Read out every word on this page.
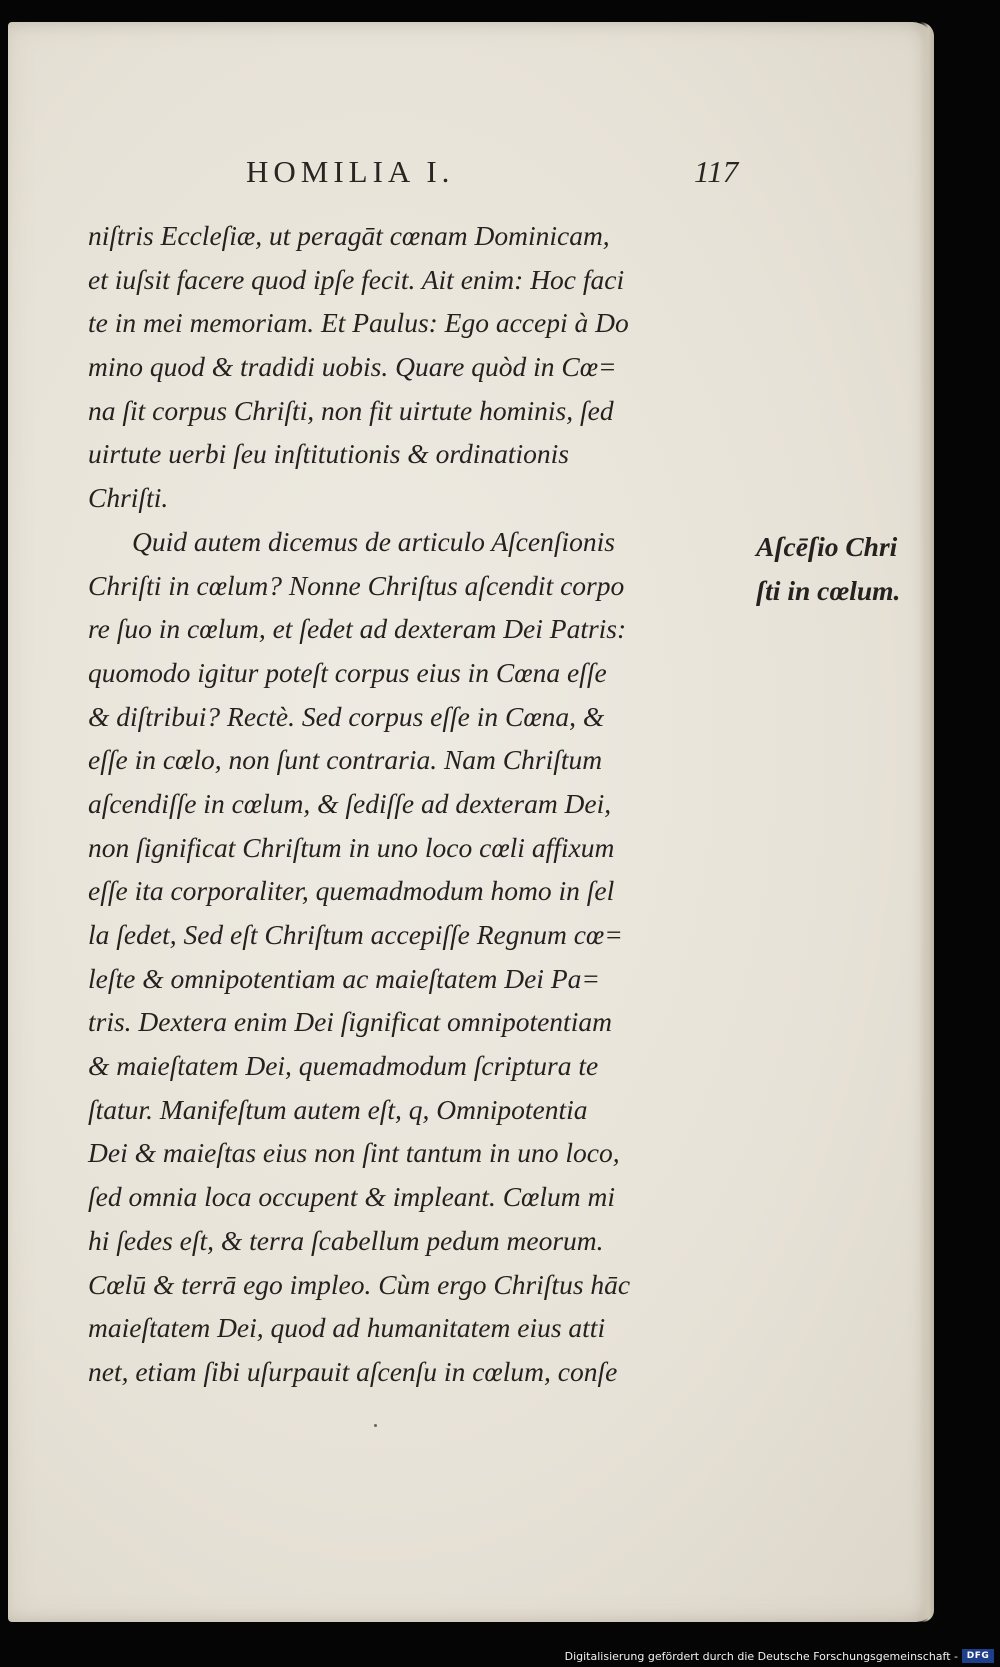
HOMILIA I.	117
niſtris Eccleſiæ, ut peragāt cœnam Dominicam,
et iuſsit facere quod ipſe fecit. Ait enim: Hoc faci
te in mei memoriam. Et Paulus: Ego accepi à Do
mino quod & tradidi uobis. Quare quòd in Cœ=
na ſit corpus Chriſti, non fit uirtute hominis, ſed
uirtute uerbi ſeu inſtitutionis & ordinationis
Chriſti.
Quid autem dicemus de articulo Aſcenſionis
Chriſti in cœlum? Nonne Chriſtus aſcendit corpo
re ſuo in cœlum, et ſedet ad dexteram Dei Patris:
quomodo igitur poteſt corpus eius in Cœna eſſe
& diſtribui? Rectè. Sed corpus eſſe in Cœna, &
eſſe in cœlo, non ſunt contraria. Nam Chriſtum
aſcendiſſe in cœlum, & ſediſſe ad dexteram Dei,
non ſignificat Chriſtum in uno loco cœli affixum
eſſe ita corporaliter, quemadmodum homo in ſel
la ſedet, Sed eſt Chriſtum accepiſſe Regnum cœ=
leſte & omnipotentiam ac maieſtatem Dei Pa=
tris. Dextera enim Dei ſignificat omnipotentiam
& maieſtatem Dei, quemadmodum ſcriptura te
ſtatur. Manifeſtum autem eſt, q, Omnipotentia
Dei & maieſtas eius non ſint tantum in uno loco,
ſed omnia loca occupent & impleant. Cœlum mi
hi ſedes eſt, & terra ſcabellum pedum meorum.
Cœlū & terrā ego impleo. Cùm ergo Chriſtus hāc
maieſtatem Dei, quod ad humanitatem eius atti
net, etiam ſibi uſurpauit aſcenſu in cœlum, conſe
Aſcēſio Chri
ſti in cœlum.
Digitalisierung gefördert durch die Deutsche Forschungsgemeinschaft - DFG
